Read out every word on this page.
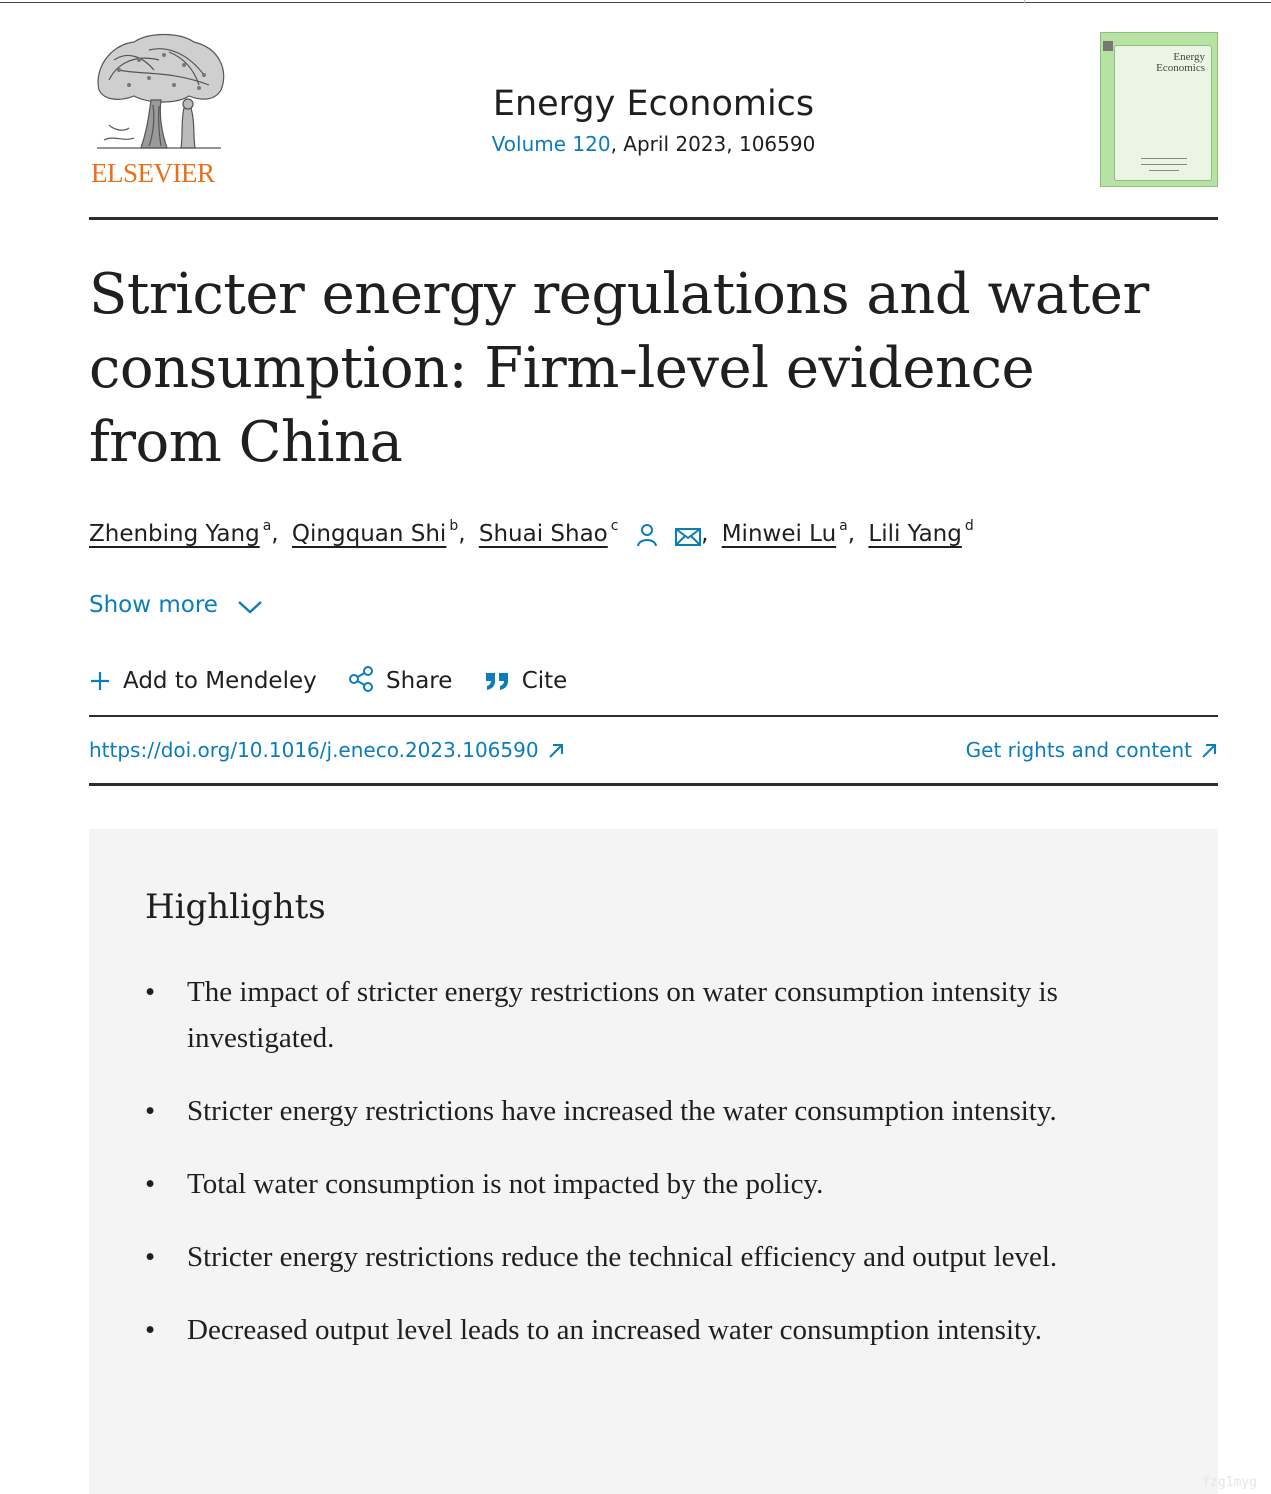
ELSEVIER
Energy Economics
Volume 120, April 2023, 106590
Energy
Economics
Stricter energy regulations and water consumption: Firm-level evidence from China
Zhenbing Yang $^a$, Qingquan Shi $^b$, Shuai Shao $^c$	, Minwei Lu $^a$, Lili Yang $^d$
Show more
Add to Mendeley	Share	Cite
https://doi.org/10.1016/j.eneco.2023.106590	Get rights and content
Highlights
• The impact of stricter energy restrictions on water consumption intensity is investigated.
• Stricter energy restrictions have increased the water consumption intensity.
• Total water consumption is not impacted by the policy.
• Stricter energy restrictions reduce the technical efficiency and output level.
• Decreased output level leads to an increased water consumption intensity.
fzg1myg
